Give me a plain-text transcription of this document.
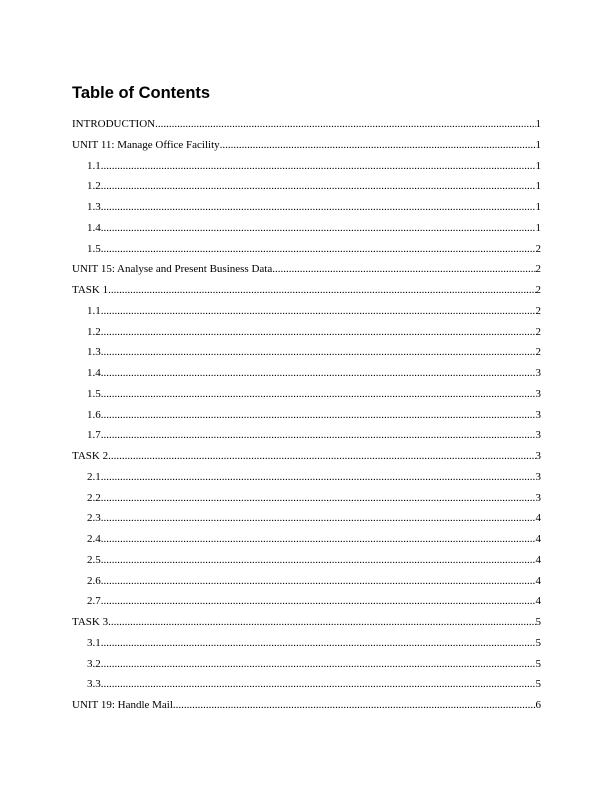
Table of Contents
INTRODUCTION .....	1
UNIT 11: Manage Office Facility .....	1
1.1 .....	1
1.2 .....	1
1.3 .....	1
1.4 .....	1
1.5 .....	2
UNIT 15: Analyse and Present Business Data .....	2
TASK 1 .....	2
1.1 .....	2
1.2 .....	2
1.3 .....	2
1.4 .....	3
1.5 .....	3
1.6 .....	3
1.7 .....	3
TASK 2 .....	3
2.1 .....	3
2.2 .....	3
2.3 .....	4
2.4 .....	4
2.5 .....	4
2.6 .....	4
2.7 .....	4
TASK 3 .....	5
3.1 .....	5
3.2 .....	5
3.3 .....	5
UNIT 19: Handle Mail .....	6
